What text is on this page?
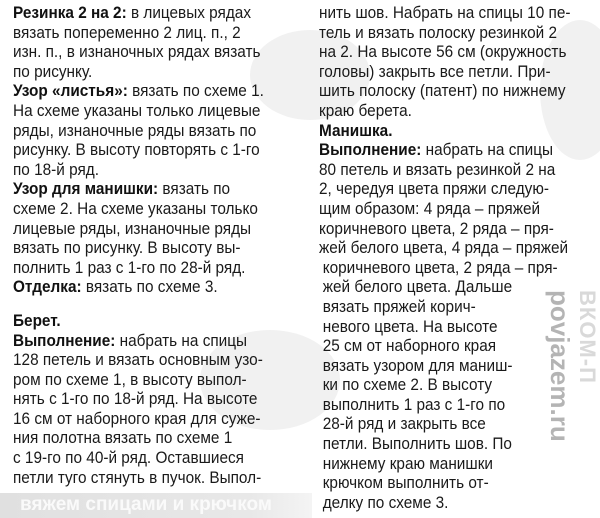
Резинка 2 на 2: в лицевых рядах
вязать попеременно 2 лиц. п., 2
изн. п., в изнаночных рядах вязать
по рисунку.
Узор «листья»: вязать по схеме 1.
На схеме указаны только лицевые
ряды, изнаночные ряды вязать по
рисунку. В высоту повторять с 1-го
по 18-й ряд.
Узор для манишки: вязать по
схеме 2. На схеме указаны только
лицевые ряды, изнаночные ряды
вязать по рисунку. В высоту вы-
полнить 1 раз с 1-го по 28-й ряд.
Отделка: вязать по схеме 3.
Берет.
Выполнение: набрать на спицы
128 петель и вязать основным узо-
ром по схеме 1, в высоту выпол-
нять с 1-го по 18-й ряд. На высоте
16 см от наборного края для суже-
ния полотна вязать по схеме 1
с 19-го по 40-й ряд. Оставшиеся
петли туго стянуть в пучок. Выпол-
нить шов. Набрать на спицы 10 пе-
тель и вязать полоску резинкой 2
на 2. На высоте 56 см (окружность
головы) закрыть все петли. При-
шить полоску (патент) по нижнему
краю берета.
Манишка.
Выполнение: набрать на спицы
80 петель и вязать резинкой 2 на
2, чередуя цвета пряжи следую-
щим образом: 4 ряда – пряжей
коричневого цвета, 2 ряда – пря-
жей белого цвета, 4 ряда – пряжей
коричневого цвета, 2 ряда – пря-
жей белого цвета. Дальше
вязать пряжей корич-
невого цвета. На высоте
25 см от наборного края
вязать узором для маниш-
ки по схеме 2. В высоту
выполнить 1 раз с 1-го по
28-й ряд и закрыть все
петли. Выполнить шов. По
нижнему краю манишки
крючком выполнить от-
делку по схеме 3.
povjazem.ru ВКОМ-П
вяжем спицами и крючком
